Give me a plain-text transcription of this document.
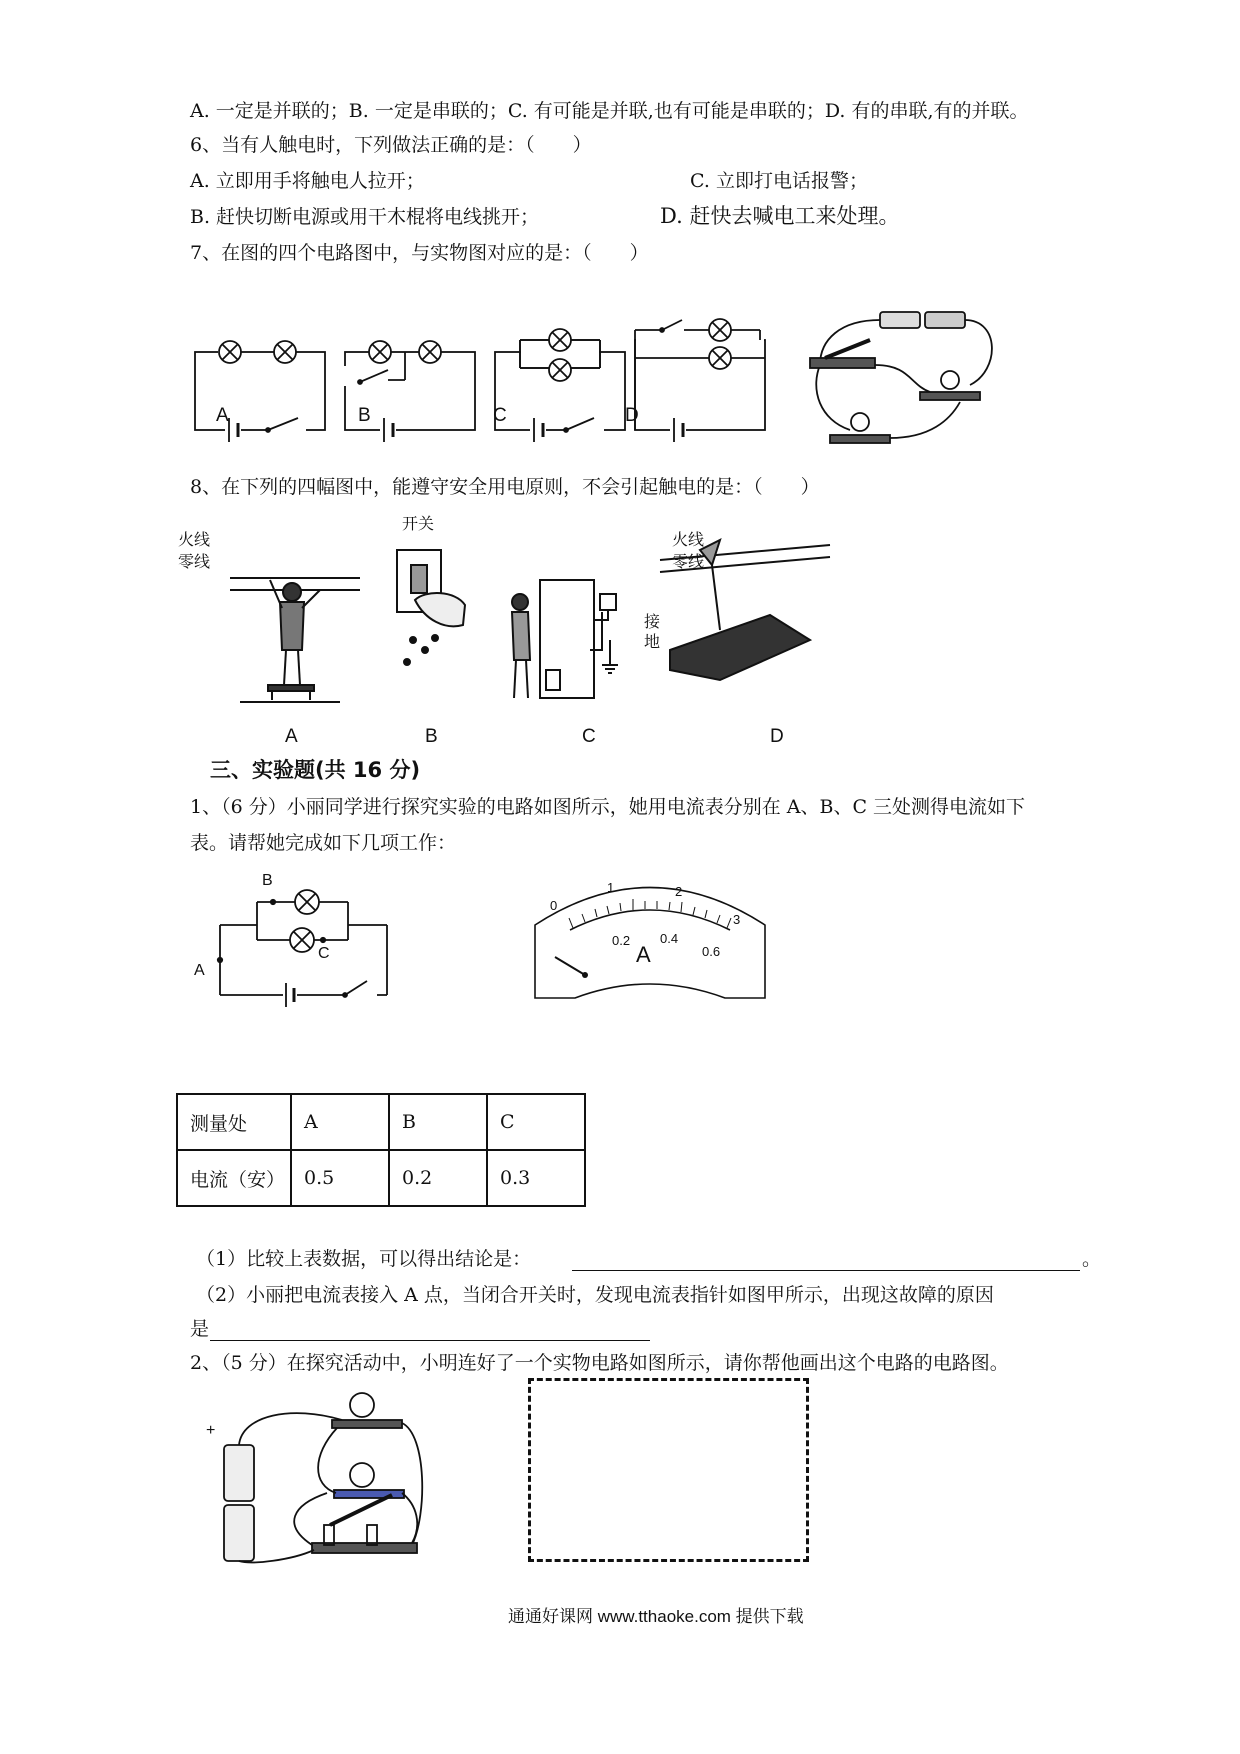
A. 一定是并联的；B. 一定是串联的；C. 有可能是并联,也有可能是串联的；D. 有的串联,有的并联。
6、当有人触电时，下列做法正确的是：（　　）
A. 立即用手将触电人拉开；	C. 立即打电话报警；
B. 赶快切断电源或用干木棍将电线挑开；	D. 赶快去喊电工来处理。
7、在图的四个电路图中，与实物图对应的是：（　　）
A	B	C	D
8、在下列的四幅图中，能遵守安全用电原则，不会引起触电的是：（　　）
火线
零线
开关
接
地
火线
零线
A	B	C	D
三、实验题(共 16 分)
1、（6 分）小丽同学进行探究实验的电路如图所示，她用电流表分别在 A、B、C 三处测得电流如下
表。请帮她完成如下几项工作：
B
A
C
0
1	2
3
0.2 0.4
0.6
A
测量处	A	B	C
电流（安）	0.5	0.2	0.3
（1）比较上表数据，可以得出结论是：	。
（2）小丽把电流表接入 A 点，当闭合开关时，发现电流表指针如图甲所示，出现这故障的原因
是
2、（5 分）在探究活动中，小明连好了一个实物电路如图所示，请你帮他画出这个电路的电路图。
+
通通好课网 www.tthaoke.com 提供下载
